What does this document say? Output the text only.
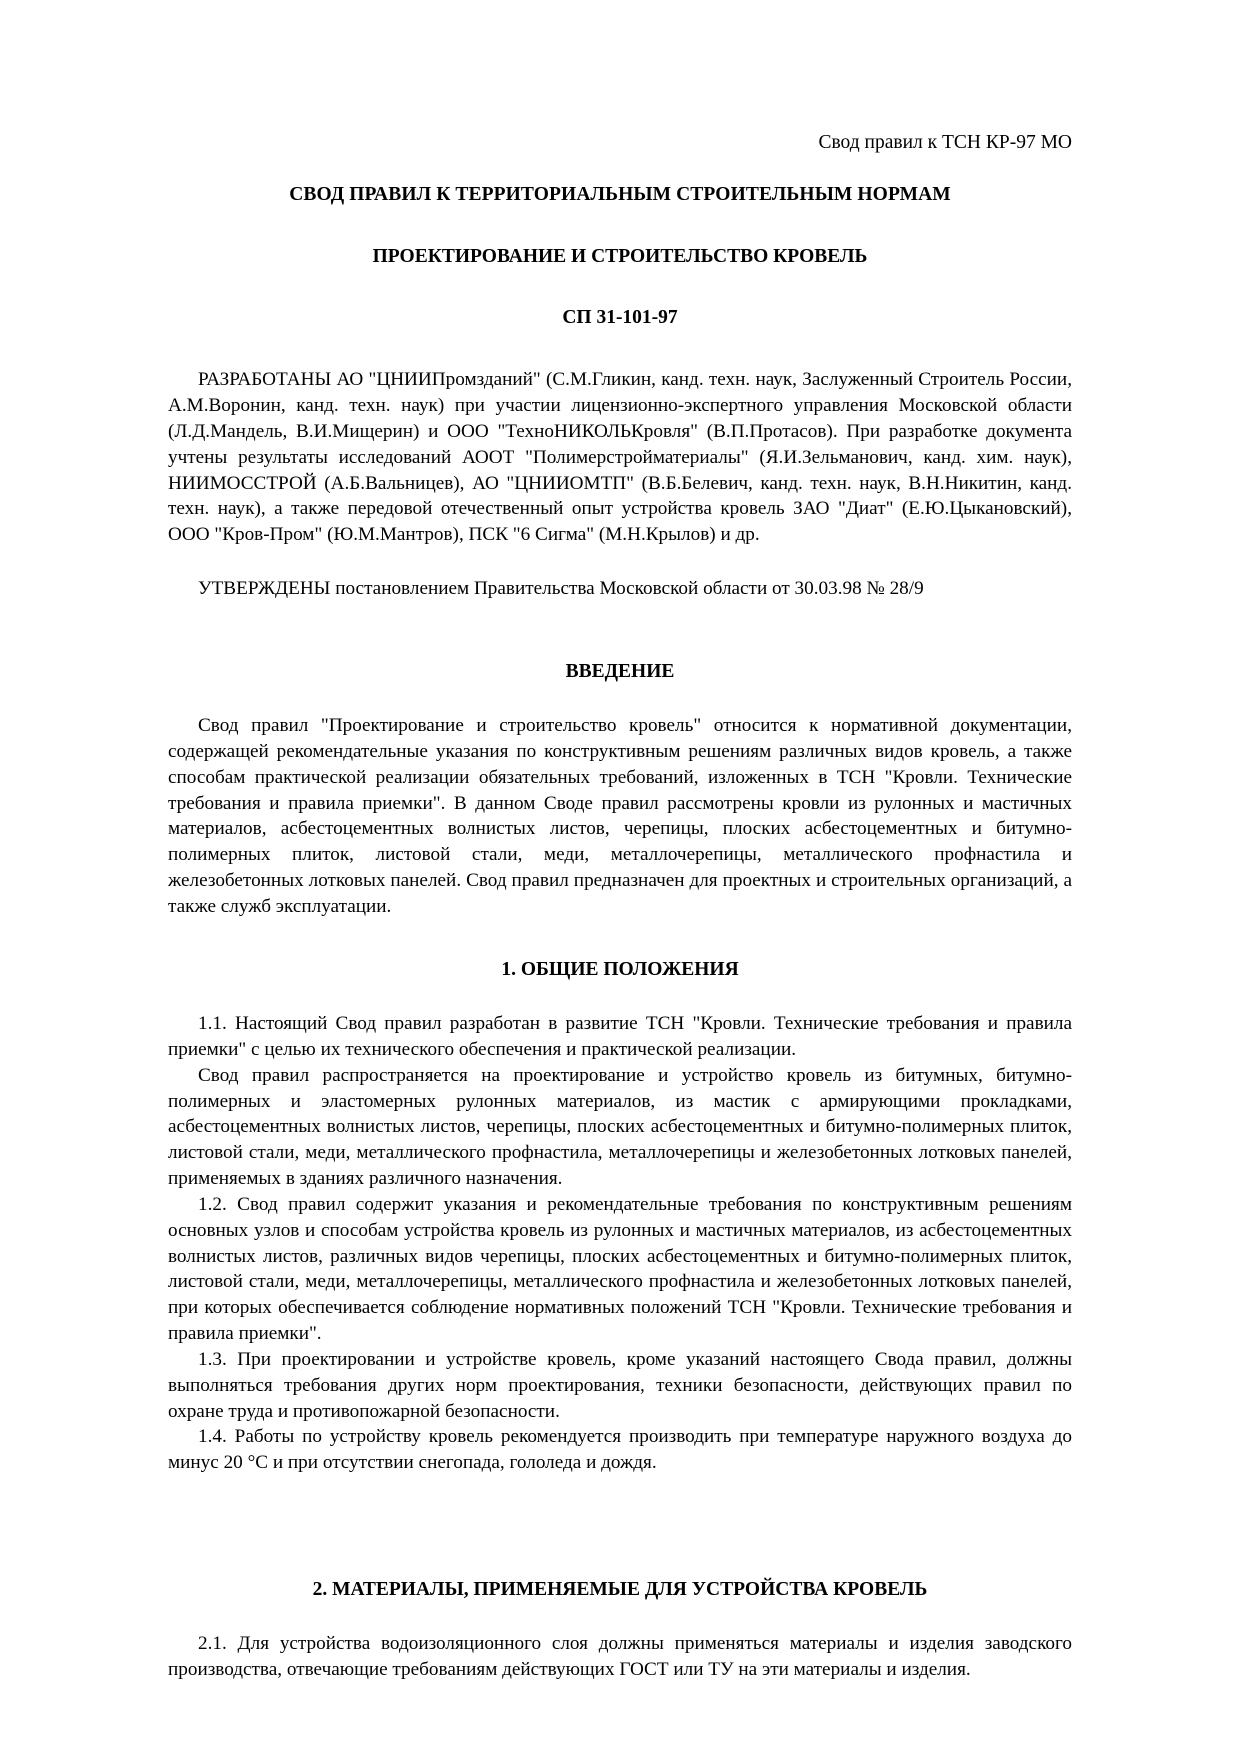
Свод правил к ТСН КР-97 МО
СВОД ПРАВИЛ К ТЕРРИТОРИАЛЬНЫМ СТРОИТЕЛЬНЫМ НОРМАМ
ПРОЕКТИРОВАНИЕ И СТРОИТЕЛЬСТВО КРОВЕЛЬ
СП 31-101-97

РАЗРАБОТАНЫ АО "ЦНИИПромзданий" (С.М.Гликин, канд. техн. наук, Заслуженный Строитель России, А.М.Воронин, канд. техн. наук) при участии лицензионно-экспертного управления Московской области (Л.Д.Мандель, В.И.Мищерин) и ООО "ТехноНИКОЛЬКровля" (В.П.Протасов). При разработке документа учтены результаты исследований АООТ "Полимерстройматериалы" (Я.И.Зельманович, канд. хим. наук), НИИМОССТРОЙ (А.Б.Вальницев), АО "ЦНИИОМТП" (В.Б.Белевич, канд. техн. наук, В.Н.Никитин, канд. техн. наук), а также передовой отечественный опыт устройства кровель ЗАО "Диат" (Е.Ю.Цыкановский), ООО "Кров-Пром" (Ю.М.Мантров), ПСК "6 Сигма" (М.Н.Крылов) и др.

УТВЕРЖДЕНЫ постановлением Правительства Московской области от 30.03.98 № 28/9

ВВЕДЕНИЕ

Свод правил "Проектирование и строительство кровель" относится к нормативной документации, содержащей рекомендательные указания по конструктивным решениям различных видов кровель, а также способам практической реализации обязательных требований, изложенных в ТСН "Кровли. Технические требования и правила приемки". В данном Своде правил рассмотрены кровли из рулонных и мастичных материалов, асбестоцементных волнистых листов, черепицы, плоских асбестоцементных и битумно-полимерных плиток, листовой стали, меди, металлочерепицы, металлического профнастила и железобетонных лотковых панелей. Свод правил предназначен для проектных и строительных организаций, а также служб эксплуатации.

1. ОБЩИЕ ПОЛОЖЕНИЯ

1.1. Настоящий Свод правил разработан в развитие ТСН "Кровли. Технические требования и правила приемки" с целью их технического обеспечения и практической реализации.

Свод правил распространяется на проектирование и устройство кровель из битумных, битумно-полимерных и эластомерных рулонных материалов, из мастик с армирующими прокладками, асбестоцементных волнистых листов, черепицы, плоских асбестоцементных и битумно-полимерных плиток, листовой стали, меди, металлического профнастила, металлочерепицы и железобетонных лотковых панелей, применяемых в зданиях различного назначения.

1.2. Свод правил содержит указания и рекомендательные требования по конструктивным решениям основных узлов и способам устройства кровель из рулонных и мастичных материалов, из асбестоцементных волнистых листов, различных видов черепицы, плоских асбестоцементных и битумно-полимерных плиток, листовой стали, меди, металлочерепицы, металлического профнастила и железобетонных лотковых панелей, при которых обеспечивается соблюдение нормативных положений ТСН "Кровли. Технические требования и правила приемки".

1.3. При проектировании и устройстве кровель, кроме указаний настоящего Свода правил, должны выполняться требования других норм проектирования, техники безопасности, действующих правил по охране труда и противопожарной безопасности.

1.4. Работы по устройству кровель рекомендуется производить при температуре наружного воздуха до минус 20 °С и при отсутствии снегопада, гололеда и дождя.

2. МАТЕРИАЛЫ, ПРИМЕНЯЕМЫЕ ДЛЯ УСТРОЙСТВА КРОВЕЛЬ

2.1. Для устройства водоизоляционного слоя должны применяться материалы и изделия заводского производства, отвечающие требованиям действующих ГОСТ или ТУ на эти материалы и изделия.
